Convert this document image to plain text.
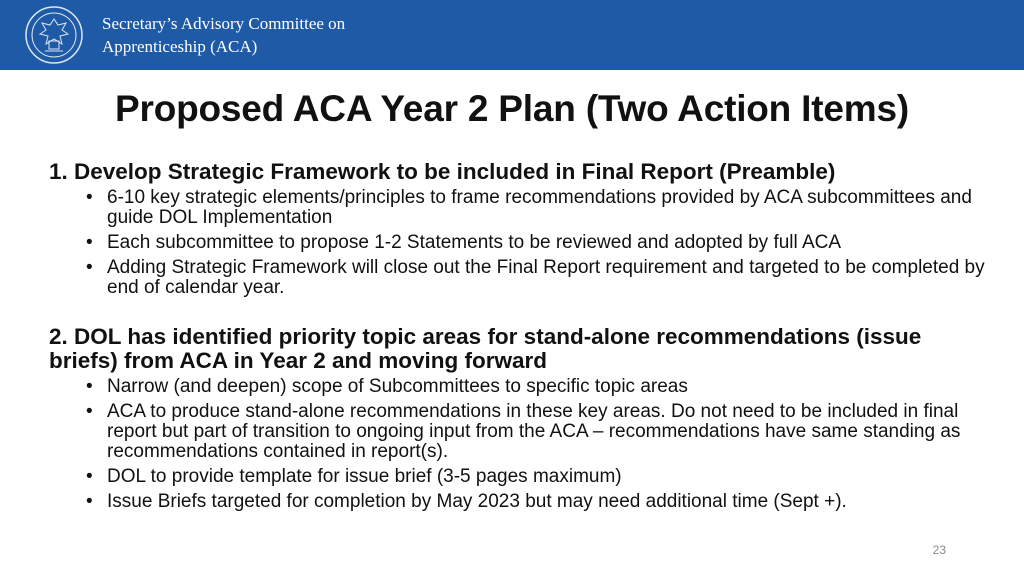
Secretary’s Advisory Committee on
Apprenticeship (ACA)
Proposed ACA Year 2 Plan (Two Action Items)

1. Develop Strategic Framework to be included in Final Report (Preamble)

• 6-10 key strategic elements/principles to frame recommendations provided by ACA subcommittees and guide DOL Implementation
• Each subcommittee to propose 1-2 Statements to be reviewed and adopted by full ACA
• Adding Strategic Framework will close out the Final Report requirement and targeted to be completed by end of calendar year.

2. DOL has identified priority topic areas for stand-alone recommendations (issue briefs) from ACA in Year 2 and moving forward

• Narrow (and deepen) scope of Subcommittees to specific topic areas
• ACA to produce stand-alone recommendations in these key areas. Do not need to be included in final report but part of transition to ongoing input from the ACA – recommendations have same standing as recommendations contained in report(s).
• DOL to provide template for issue brief (3-5 pages maximum)
• Issue Briefs targeted for completion by May 2023 but may need additional time (Sept +).
23
